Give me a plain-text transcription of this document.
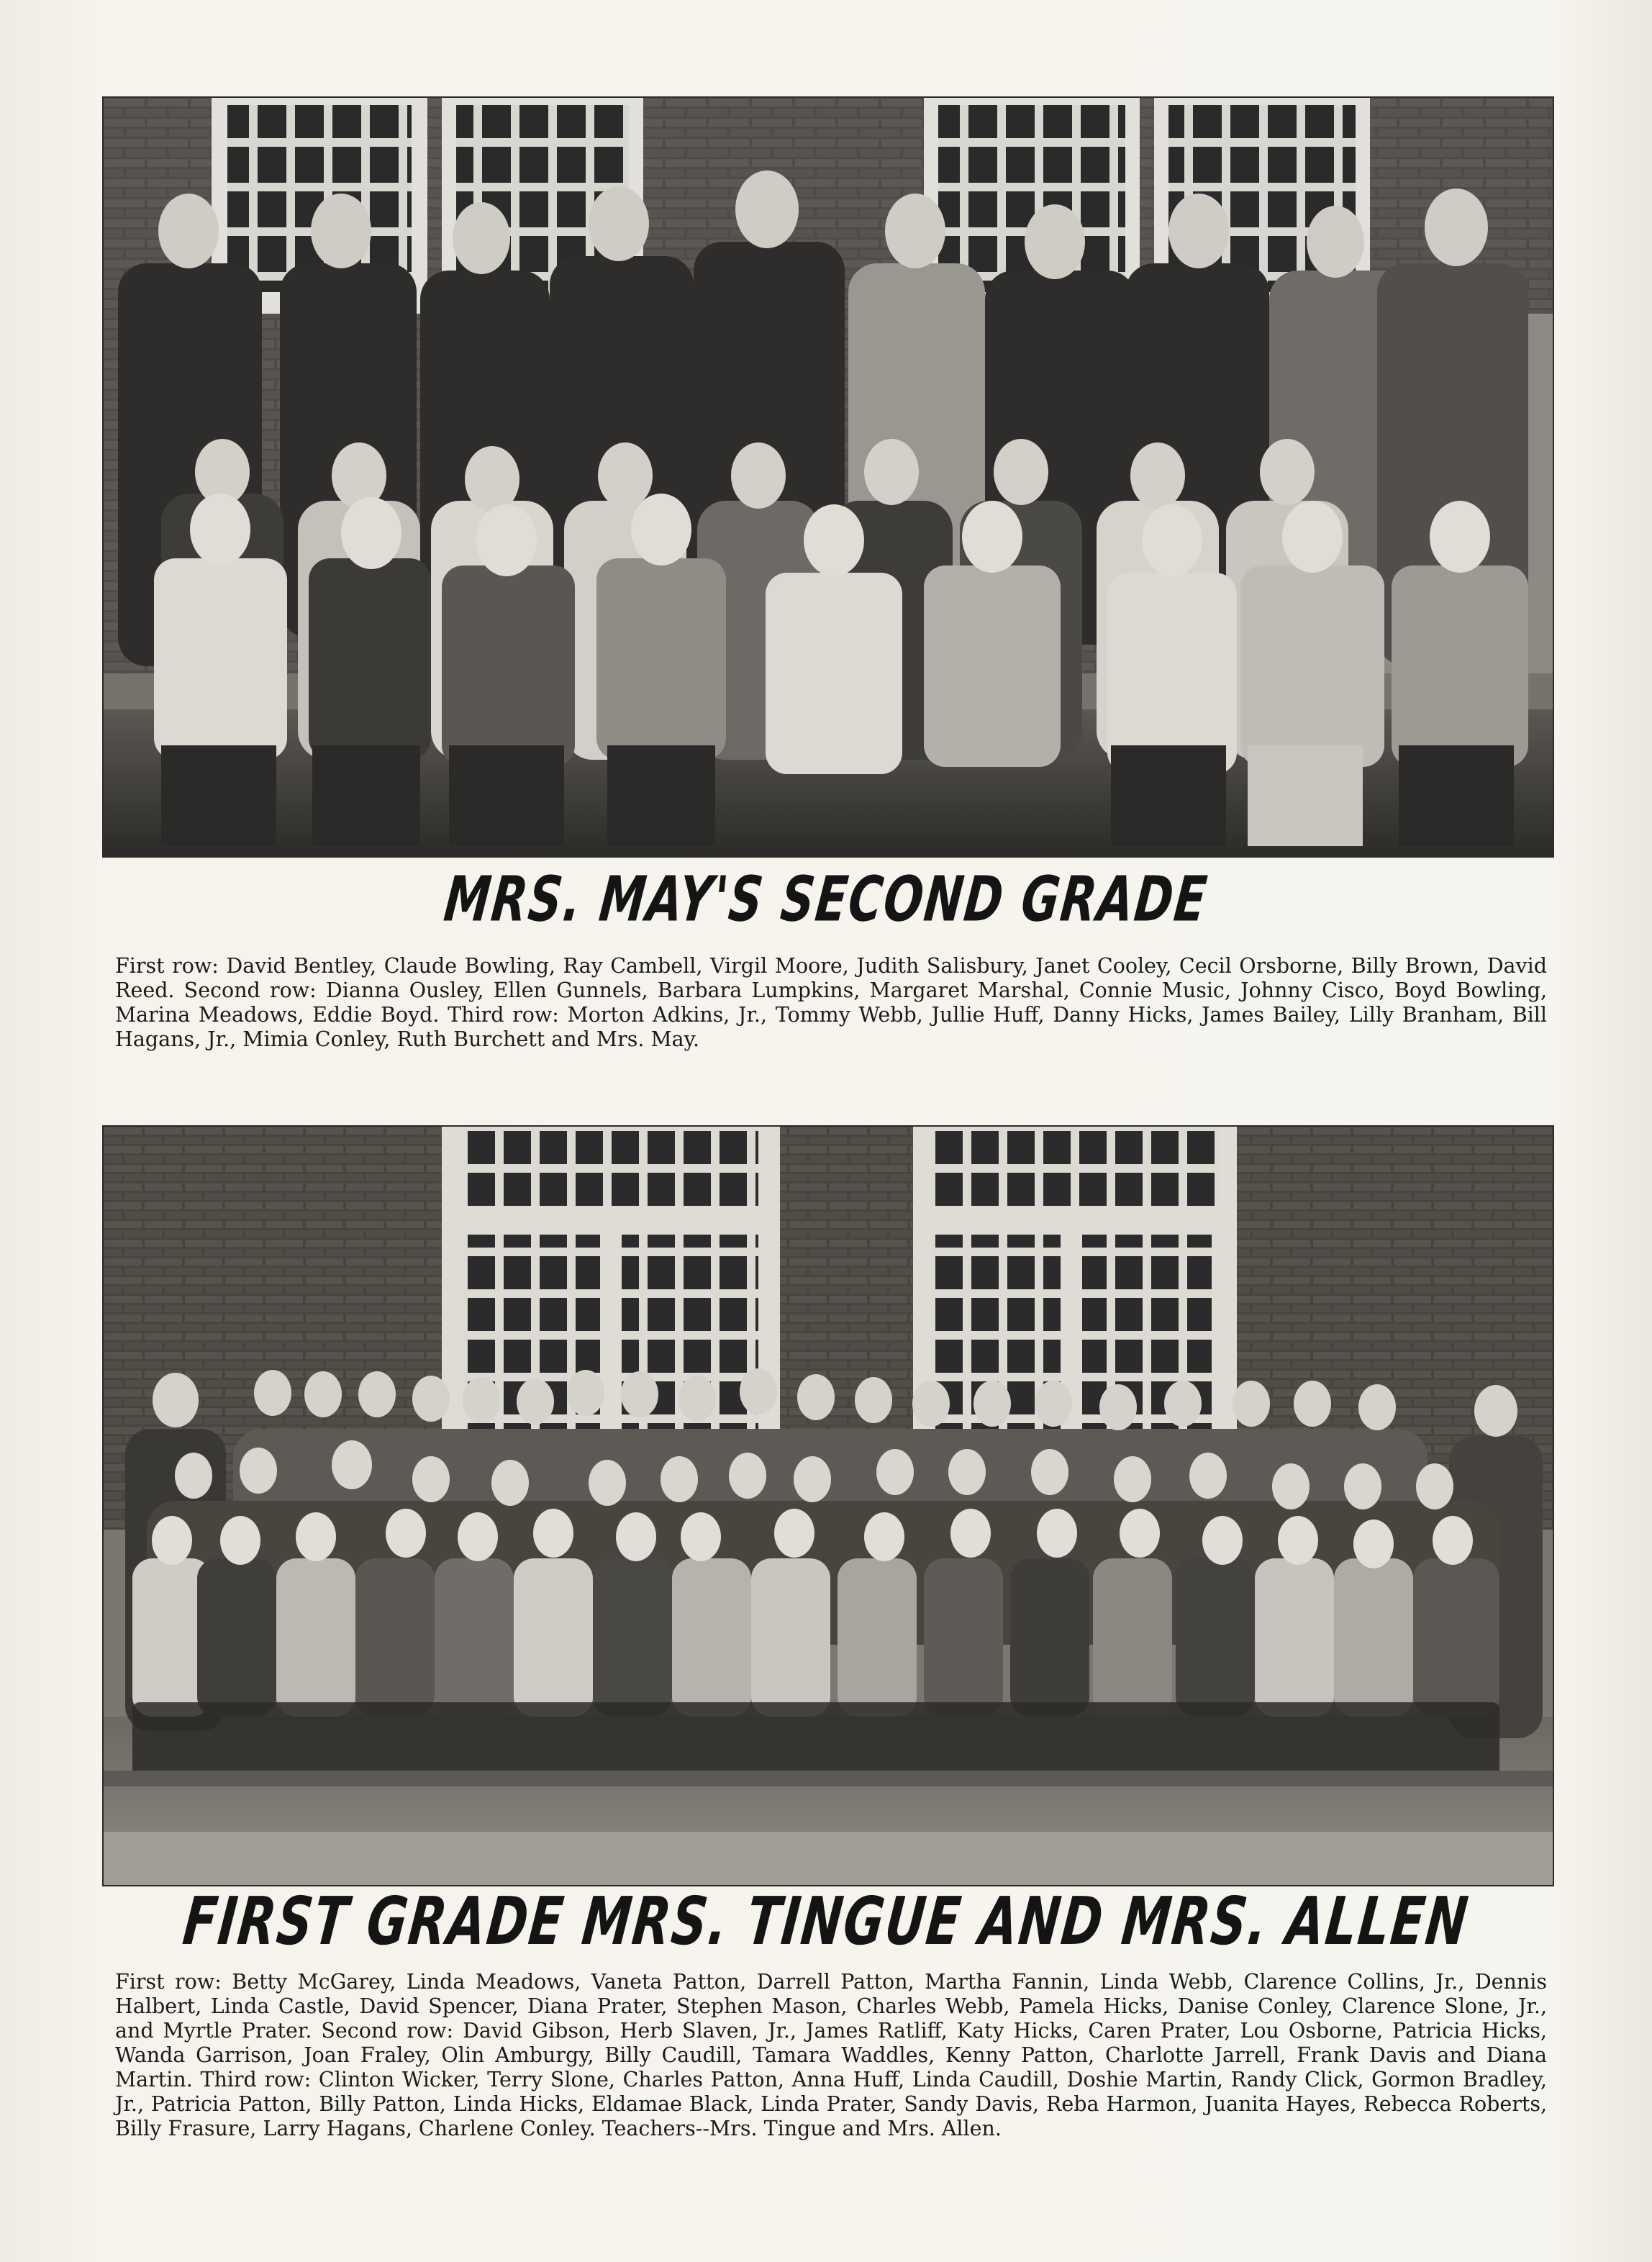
MRS. MAY'S SECOND GRADE
First row: David Bentley, Claude Bowling, Ray Cambell, Virgil Moore, Judith Salisbury, Janet Cooley, Cecil Orsborne, Billy Brown, David Reed. Second row: Dianna Ousley, Ellen Gunnels, Barbara Lumpkins, Margaret Marshal, Connie Music, Johnny Cisco, Boyd Bowling, Marina Meadows, Eddie Boyd. Third row: Morton Adkins, Jr., Tommy Webb, Jullie Huff, Danny Hicks, James Bailey, Lilly Branham, Bill Hagans, Jr., Mimia Conley, Ruth Burchett and Mrs. May.
FIRST GRADE MRS. TINGUE AND MRS. ALLEN
First row: Betty McGarey, Linda Meadows, Vaneta Patton, Darrell Patton, Martha Fannin, Linda Webb, Clarence Collins, Jr., Dennis Halbert, Linda Castle, David Spencer, Diana Prater, Stephen Mason, Charles Webb, Pamela Hicks, Danise Conley, Clarence Slone, Jr., and Myrtle Prater. Second row: David Gibson, Herb Slaven, Jr., James Ratliff, Katy Hicks, Caren Prater, Lou Osborne, Patricia Hicks, Wanda Garrison, Joan Fraley, Olin Amburgy, Billy Caudill, Tamara Waddles, Kenny Patton, Charlotte Jarrell, Frank Davis and Diana Martin. Third row: Clinton Wicker, Terry Slone, Charles Patton, Anna Huff, Linda Caudill, Doshie Martin, Randy Click, Gormon Bradley, Jr., Patricia Patton, Billy Patton, Linda Hicks, Eldamae Black, Linda Prater, Sandy Davis, Reba Harmon, Juanita Hayes, Rebecca Roberts, Billy Frasure, Larry Hagans, Charlene Conley. Teachers--Mrs. Tingue and Mrs. Allen.
